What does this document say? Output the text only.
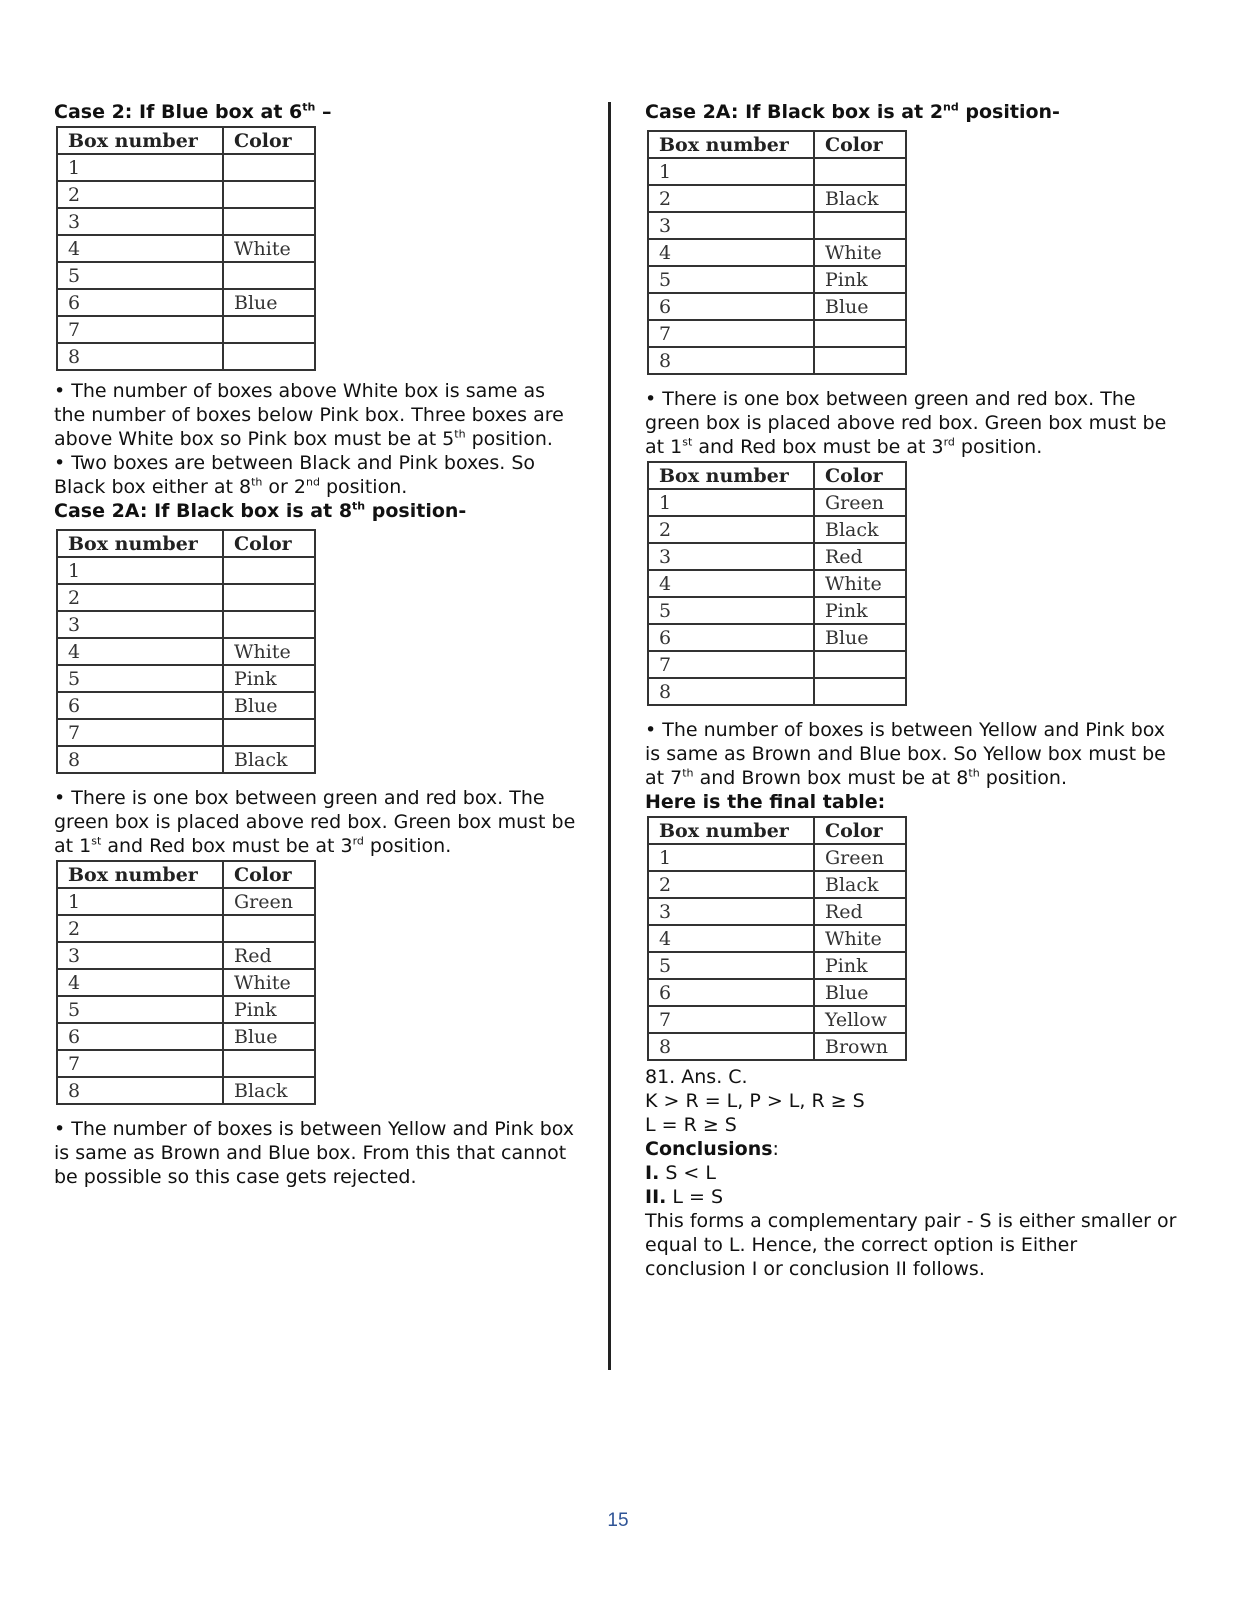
Case 2: If Blue box at 6th –

Box number	Color
1	
2	
3	
4	White
5	
6	Blue
7	
8	

• The number of boxes above White box is same as the number of boxes below Pink box. Three boxes are above White box so Pink box must be at 5th position.

• Two boxes are between Black and Pink boxes. So Black box either at 8th or 2nd position.

Case 2A: If Black box is at 8th position-

Box number	Color
1	
2	
3	
4	White
5	Pink
6	Blue
7	
8	Black

• There is one box between green and red box. The green box is placed above red box. Green box must be at 1st and Red box must be at 3rd position.

Box number	Color
1	Green
2	
3	Red
4	White
5	Pink
6	Blue
7	
8	Black

• The number of boxes is between Yellow and Pink box is same as Brown and Blue box. From this that cannot be possible so this case gets rejected.

Case 2A: If Black box is at 2nd position-

Box number	Color
1	
2	Black
3	
4	White
5	Pink
6	Blue
7	
8	

• There is one box between green and red box. The green box is placed above red box. Green box must be at 1st and Red box must be at 3rd position.

Box number	Color
1	Green
2	Black
3	Red
4	White
5	Pink
6	Blue
7	
8	

• The number of boxes is between Yellow and Pink box is same as Brown and Blue box. So Yellow box must be at 7th and Brown box must be at 8th position.

Here is the final table:

Box number	Color
1	Green
2	Black
3	Red
4	White
5	Pink
6	Blue
7	Yellow
8	Brown

81. Ans. C.

K > R = L, P > L, R ≥ S

L = R ≥ S

Conclusions:

I. S < L

II. L = S

This forms a complementary pair - S is either smaller or equal to L. Hence, the correct option is Either conclusion I or conclusion II follows.

15
